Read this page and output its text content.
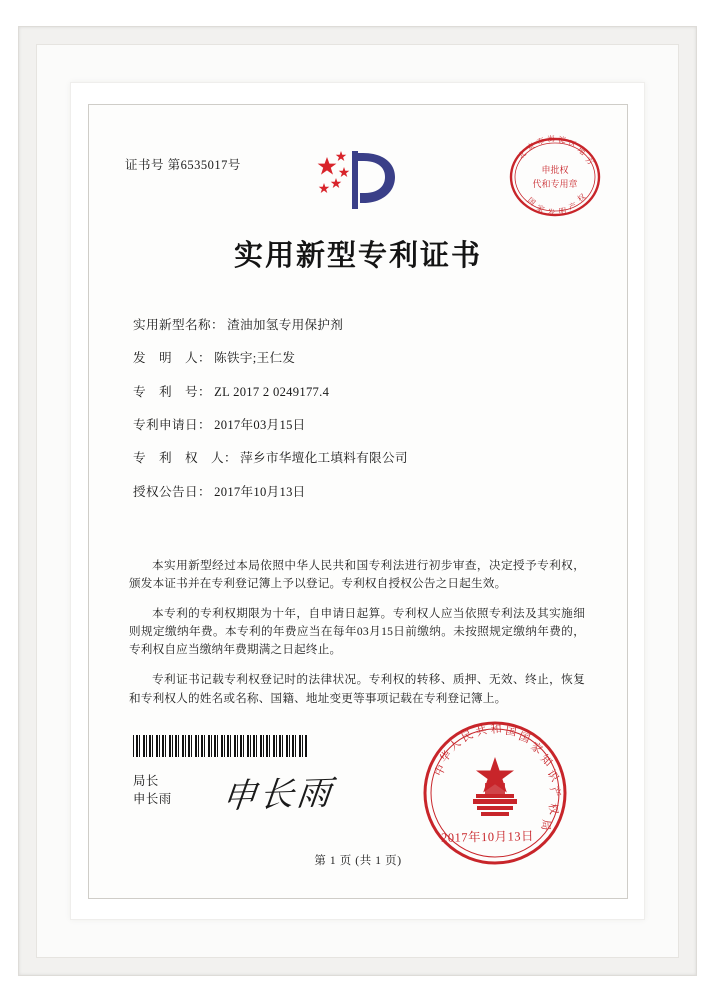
证书号 第6535017号	申批权
代和专用章
北
京
市 海 淀 区
地
方
国
家 发 明 产
权
实用新型专利证书
实用新型名称： 渣油加氢专用保护剂
发　明　人： 陈铁宇;王仁发
专　利　号： ZL 2017 2 0249177.4
专利申请日： 2017年03月15日
专　利　权　人： 萍乡市华壇化工填料有限公司
授权公告日： 2017年10月13日

本实用新型经过本局依照中华人民共和国专利法进行初步审查，决定授予专利权，颁发本证书并在专利登记簿上予以登记。专利权自授权公告之日起生效。

本专利的专利权期限为十年，自申请日起算。专利权人应当依照专利法及其实施细则规定缴纳年费。本专利的年费应当在每年03月15日前缴纳。未按照规定缴纳年费的，专利权自应当缴纳年费期满之日起终止。

专利证书记载专利权登记时的法律状况。专利权的转移、质押、无效、终止，恢复和专利权人的姓名或名称、国籍、地址变更等事项记载在专利登记簿上。

局长
申长雨 申长雨
中
华
人
民 共 和 国 国
家
知
识
产
权
局
2017年10月13日
第 1 页 (共 1 页)
